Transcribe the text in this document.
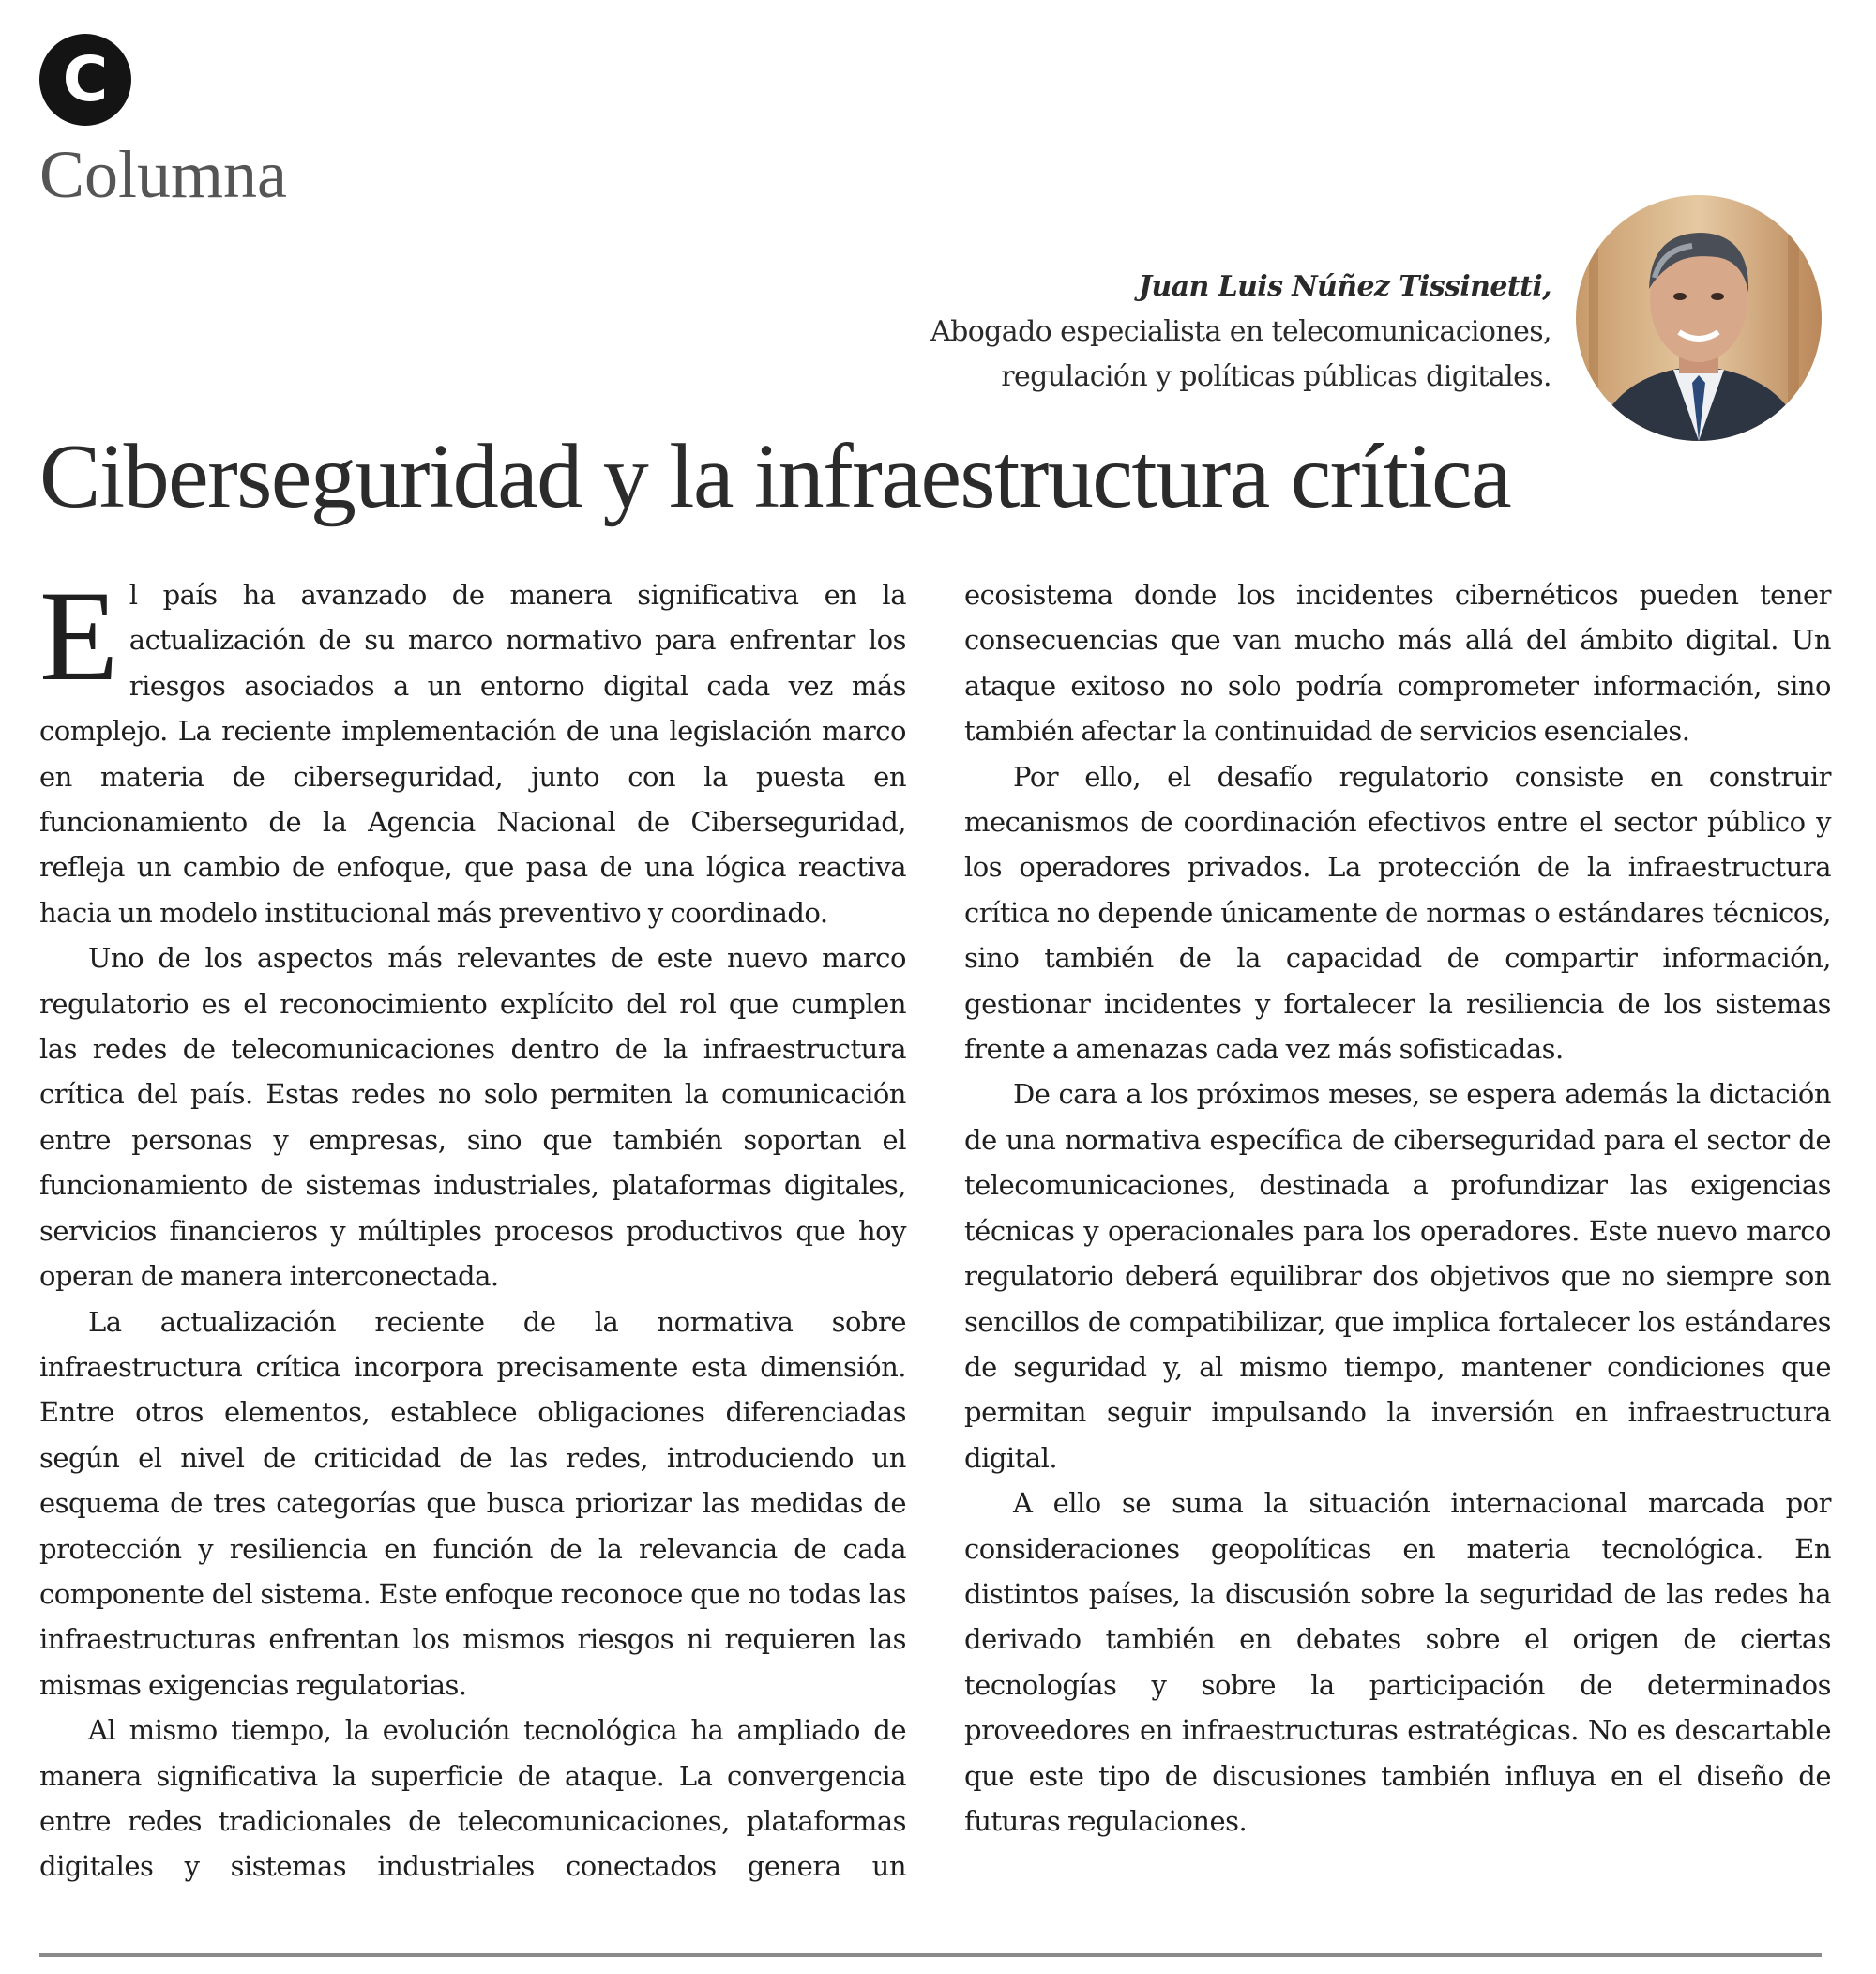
C
Columna
Juan Luis Núñez Tissinetti,
Abogado especialista en telecomunicaciones,
regulación y políticas públicas digitales.
Ciberseguridad y la infraestructura crítica

El país ha avanzado de manera significativa en la actualización de su marco normativo para enfrentar los riesgos asociados a un entorno digital cada vez más complejo. La reciente implementación de una legislación marco en materia de ciberseguridad, junto con la puesta en funcionamiento de la Agencia Nacional de Ciberseguridad, refleja un cambio de enfoque, que pasa de una lógica reactiva hacia un modelo institucional más preventivo y coordinado.

Uno de los aspectos más relevantes de este nuevo marco regulatorio es el reconocimiento explícito del rol que cumplen las redes de telecomunicaciones dentro de la infraestructura crítica del país. Estas redes no solo permiten la comunicación entre personas y empresas, sino que también soportan el funcionamiento de sistemas industriales, plataformas digitales, servicios financieros y múltiples procesos productivos que hoy operan de manera interconectada.

La actualización reciente de la normativa sobre infraestructura crítica incorpora precisamente esta dimensión. Entre otros elementos, establece obligaciones diferenciadas según el nivel de criticidad de las redes, introduciendo un esquema de tres categorías que busca priorizar las medidas de protección y resiliencia en función de la relevancia de cada componente del sistema. Este enfoque reconoce que no todas las infraestructuras enfrentan los mismos riesgos ni requieren las mismas exigencias regulatorias.

Al mismo tiempo, la evolución tecnológica ha ampliado de manera significativa la superficie de ataque. La convergencia entre redes tradicionales de telecomunicaciones, plataformas digitales y sistemas industriales conectados genera un ecosistema donde los incidentes cibernéticos pueden tener consecuencias que van mucho más allá del ámbito digital. Un ataque exitoso no solo podría comprometer información, sino también afectar la continuidad de servicios esenciales.

Por ello, el desafío regulatorio consiste en construir mecanismos de coordinación efectivos entre el sector público y los operadores privados. La protección de la infraestructura crítica no depende únicamente de normas o estándares técnicos, sino también de la capacidad de compartir información, gestionar incidentes y fortalecer la resiliencia de los sistemas frente a amenazas cada vez más sofisticadas.

De cara a los próximos meses, se espera además la dictación de una normativa específica de ciberseguridad para el sector de telecomunicaciones, destinada a profundizar las exigencias técnicas y operacionales para los operadores. Este nuevo marco regulatorio deberá equilibrar dos objetivos que no siempre son sencillos de compatibilizar, que implica fortalecer los estándares de seguridad y, al mismo tiempo, mantener condiciones que permitan seguir impulsando la inversión en infraestructura digital.

A ello se suma la situación internacional marcada por consideraciones geopolíticas en materia tecnológica. En distintos países, la discusión sobre la seguridad de las redes ha derivado también en debates sobre el origen de ciertas tecnologías y sobre la participación de determinados proveedores en infraestructuras estratégicas. No es descartable que este tipo de discusiones también influya en el diseño de futuras regulaciones.
